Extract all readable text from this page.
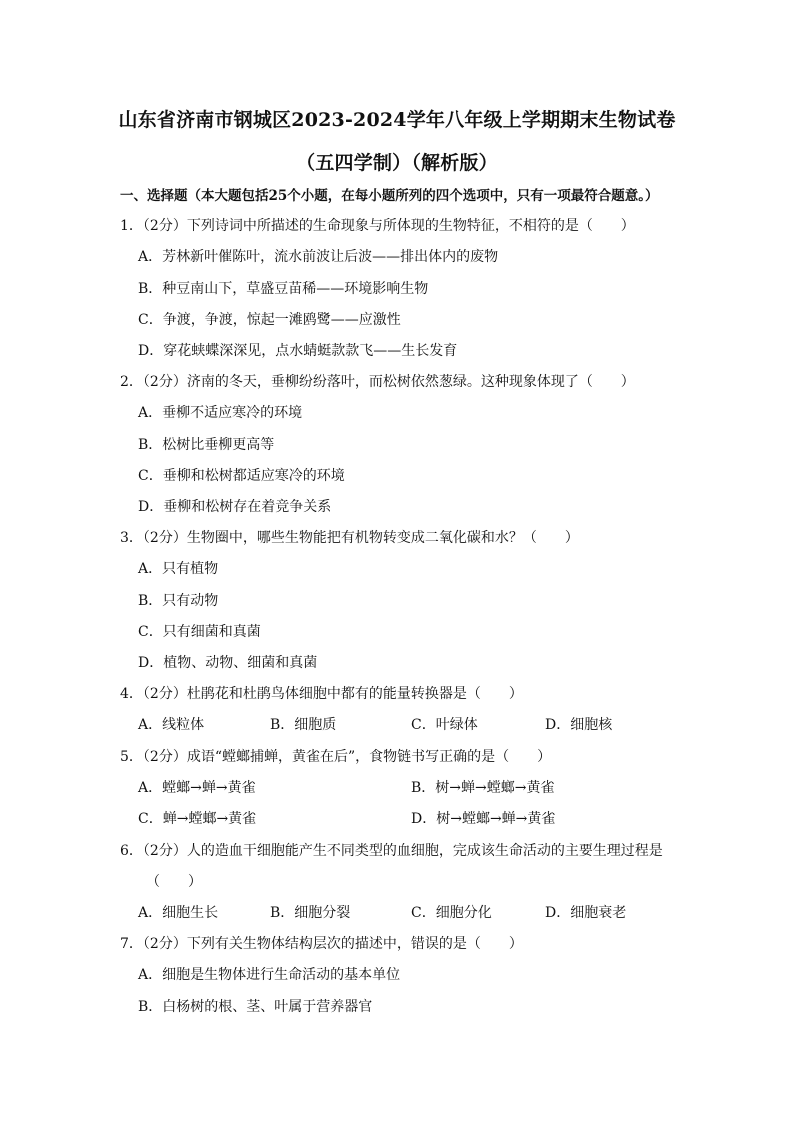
山东省济南市钢城区2023-2024学年八年级上学期期末生物试卷
（五四学制）（解析版）
一、选择题（本大题包括25个小题，在每小题所列的四个选项中，只有一项最符合题意。）
1．（2分）下列诗词中所描述的生命现象与所体现的生物特征，不相符的是（　　）
A．芳林新叶催陈叶，流水前波让后波——排出体内的废物
B．种豆南山下，草盛豆苗稀——环境影响生物
C．争渡，争渡，惊起一滩鸥鹭——应激性
D．穿花蛱蝶深深见，点水蜻蜓款款飞——生长发育
2．（2分）济南的冬天，垂柳纷纷落叶，而松树依然葱绿。这种现象体现了（　　）
A．垂柳不适应寒冷的环境
B．松树比垂柳更高等
C．垂柳和松树都适应寒冷的环境
D．垂柳和松树存在着竞争关系
3．（2分）生物圈中，哪些生物能把有机物转变成二氧化碳和水？（　　）
A．只有植物
B．只有动物
C．只有细菌和真菌
D．植物、动物、细菌和真菌
4．（2分）杜鹃花和杜鹃鸟体细胞中都有的能量转换器是（　　）
A．线粒体	B．细胞质	C．叶绿体	D．细胞核
5．（2分）成语“螳螂捕蝉，黄雀在后”，食物链书写正确的是（　　）
A．螳螂→蝉→黄雀	B．树→蝉→螳螂→黄雀
C．蝉→螳螂→黄雀	D．树→螳螂→蝉→黄雀
6．（2分）人的造血干细胞能产生不同类型的血细胞，完成该生命活动的主要生理过程是
（　　）
A．细胞生长	B．细胞分裂	C．细胞分化	D．细胞衰老
7．（2分）下列有关生物体结构层次的描述中，错误的是（　　）
A．细胞是生物体进行生命活动的基本单位
B．白杨树的根、茎、叶属于营养器官
